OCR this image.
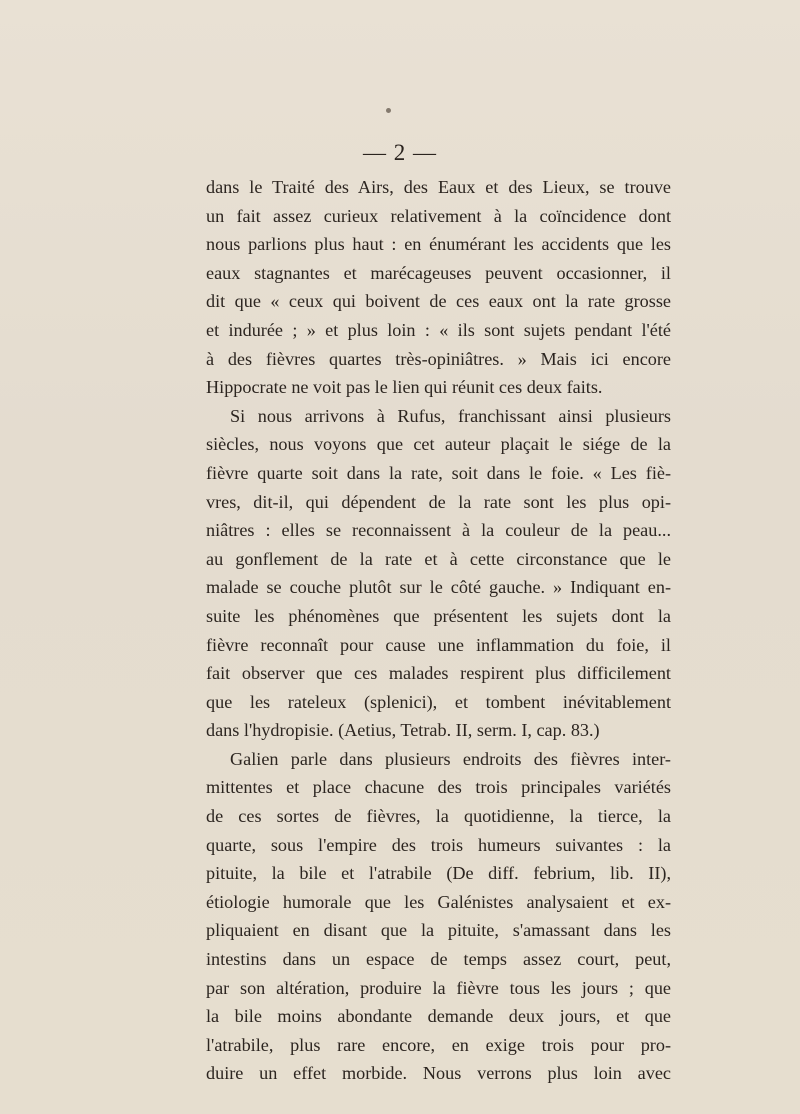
— 2 —
dans le Traité des Airs, des Eaux et des Lieux, se trouve
un fait assez curieux relativement à la coïncidence dont
nous parlions plus haut : en énumérant les accidents que les
eaux stagnantes et marécageuses peuvent occasionner, il
dit que « ceux qui boivent de ces eaux ont la rate grosse
et indurée ; » et plus loin : « ils sont sujets pendant l'été
à des fièvres quartes très-opiniâtres. » Mais ici encore
Hippocrate ne voit pas le lien qui réunit ces deux faits.
Si nous arrivons à Rufus, franchissant ainsi plusieurs
siècles, nous voyons que cet auteur plaçait le siége de la
fièvre quarte soit dans la rate, soit dans le foie. « Les fiè-
vres, dit-il, qui dépendent de la rate sont les plus opi-
niâtres : elles se reconnaissent à la couleur de la peau...
au gonflement de la rate et à cette circonstance que le
malade se couche plutôt sur le côté gauche. » Indiquant en-
suite les phénomènes que présentent les sujets dont la
fièvre reconnaît pour cause une inflammation du foie, il
fait observer que ces malades respirent plus difficilement
que les rateleux (splenici), et tombent inévitablement
dans l'hydropisie. (Aetius, Tetrab. II, serm. I, cap. 83.)
Galien parle dans plusieurs endroits des fièvres inter-
mittentes et place chacune des trois principales variétés
de ces sortes de fièvres, la quotidienne, la tierce, la
quarte, sous l'empire des trois humeurs suivantes : la
pituite, la bile et l'atrabile (De diff. febrium, lib. II),
étiologie humorale que les Galénistes analysaient et ex-
pliquaient en disant que la pituite, s'amassant dans les
intestins dans un espace de temps assez court, peut,
par son altération, produire la fièvre tous les jours ; que
la bile moins abondante demande deux jours, et que
l'atrabile, plus rare encore, en exige trois pour pro-
duire un effet morbide. Nous verrons plus loin avec
